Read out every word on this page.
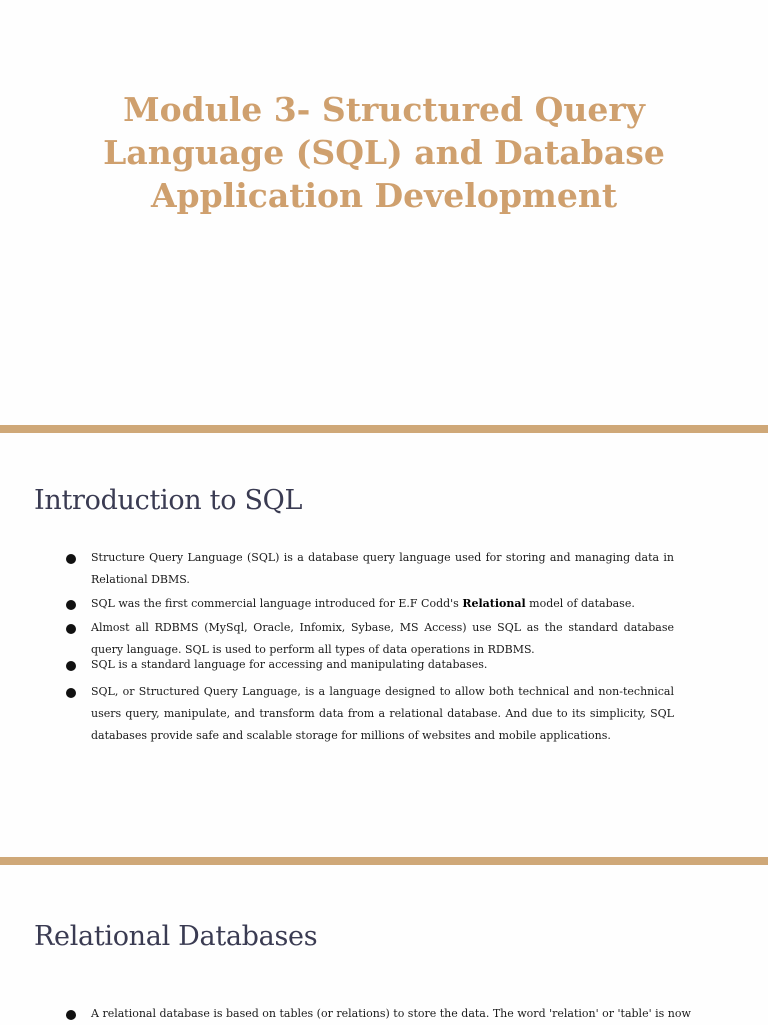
Module 3- Structured Query Language (SQL) and Database Application Development
Introduction to SQL
Structure Query Language (SQL) is a database query language used for storing and managing data in Relational DBMS.
SQL was the first commercial language introduced for E.F Codd's Relational model of database.
Almost all RDBMS (MySql, Oracle, Infomix, Sybase, MS Access) use SQL as the standard database query language. SQL is used to perform all types of data operations in RDBMS.
SQL is a standard language for accessing and manipulating databases.
SQL, or Structured Query Language, is a language designed to allow both technical and non-technical users query, manipulate, and transform data from a relational database. And due to its simplicity, SQL databases provide safe and scalable storage for millions of websites and mobile applications.
Relational Databases
A relational database is based on tables (or relations) to store the data. The word 'relation' or 'table' is now
